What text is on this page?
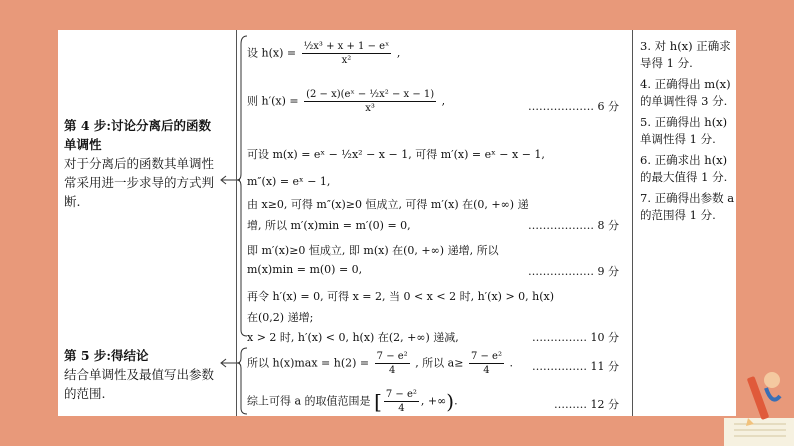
第 4 步:讨论分离后的函数单调性
对于分离后的函数其单调性常采用进一步求导的方式判断.
第 5 步:得结论
结合单调性及最值写出参数的范围.
设 $h(x) = \frac{\text{½x³ + x + 1 − eˣ}}{\text{x²}}$ ,
则 $h'(x) = \frac{\text{(2 − x)(eˣ − ½x² − x − 1)}}{\text{x³}}$ ,	……………… 6 分
可设 m(x) = eˣ − ½x² − x − 1, 可得 m′(x) = eˣ − x − 1,
m″(x) = eˣ − 1,
由 x≥0, 可得 m″(x)≥0 恒成立, 可得 m′(x) 在(0, +∞) 递
增, 所以 m′(x)min = m′(0) = 0,	……………… 8 分
即 m′(x)≥0 恒成立, 即 m(x) 在(0, +∞) 递增, 所以
m(x)min = m(0) = 0,	……………… 9 分
再令 h′(x) = 0, 可得 x = 2, 当 0 < x < 2 时, h′(x) > 0, h(x)
在(0,2) 递增;
x > 2 时, h′(x) < 0, h(x) 在(2, +∞) 递减,	…………… 10 分
所以 $h(x)\max = h(2) = \frac{\text{7 − e²}}{4}$ , 所以 $a\ge \frac{\text{7 − e²}}{4}$ . …………… 11 分
综上可得 a 的取值范围是 [ $\frac{\text{7 − e²}}{4}$ , +∞).	……… 12 分
3. 对 h(x) 正确求导得 1 分.
4. 正确得出 m(x) 的单调性得 3 分.
5. 正确得出 h(x) 单调性得 1 分.
6. 正确求出 h(x) 的最大值得 1 分.
7. 正确得出参数 a 的范围得 1 分.
